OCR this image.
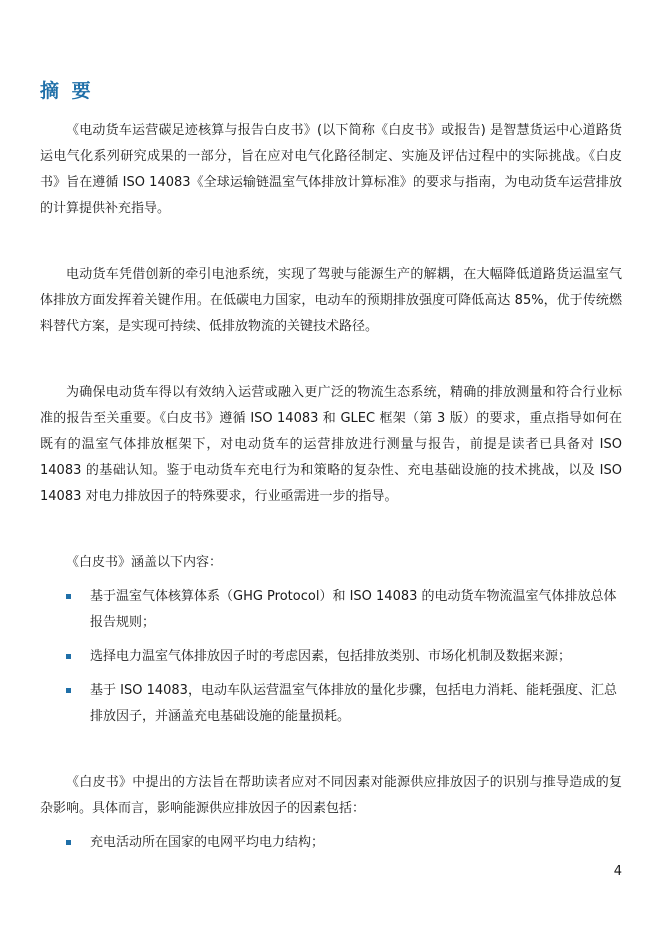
摘 要

《电动货车运营碳足迹核算与报告白皮书》(以下简称《白皮书》或报告) 是智慧货运中心道路货运电气化系列研究成果的一部分，旨在应对电气化路径制定、实施及评估过程中的实际挑战。《白皮书》旨在遵循 ISO 14083《全球运输链温室气体排放计算标准》的要求与指南，为电动货车运营排放的计算提供补充指导。

电动货车凭借创新的牵引电池系统，实现了驾驶与能源生产的解耦，在大幅降低道路货运温室气体排放方面发挥着关键作用。在低碳电力国家，电动车的预期排放强度可降低高达 85%，优于传统燃料替代方案，是实现可持续、低排放物流的关键技术路径。

为确保电动货车得以有效纳入运营或融入更广泛的物流生态系统，精确的排放测量和符合行业标准的报告至关重要。《白皮书》遵循 ISO 14083 和 GLEC 框架（第 3 版）的要求，重点指导如何在既有的温室气体排放框架下，对电动货车的运营排放进行测量与报告，前提是读者已具备对 ISO 14083 的基础认知。鉴于电动货车充电行为和策略的复杂性、充电基础设施的技术挑战，以及 ISO 14083 对电力排放因子的特殊要求，行业亟需进一步的指导。

《白皮书》涵盖以下内容：

基于温室气体核算体系（GHG Protocol）和 ISO 14083 的电动货车物流温室气体排放总体报告规则；
选择电力温室气体排放因子时的考虑因素，包括排放类别、市场化机制及数据来源；
基于 ISO 14083，电动车队运营温室气体排放的量化步骤，包括电力消耗、能耗强度、汇总排放因子，并涵盖充电基础设施的能量损耗。

《白皮书》中提出的方法旨在帮助读者应对不同因素对能源供应排放因子的识别与推导造成的复杂影响。具体而言，影响能源供应排放因子的因素包括：

充电活动所在国家的电网平均电力结构；
4
